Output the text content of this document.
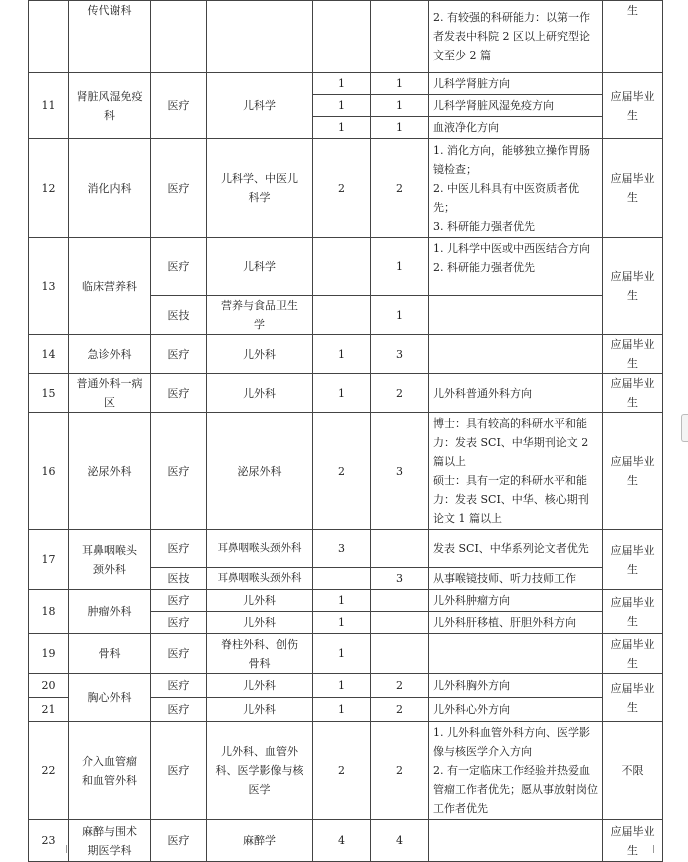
	传代谢科					2. 有较强的科研能力：以第一作者发表中科院 2 区以上研究型论文至少 2 篇	生
11	肾脏风湿免疫科	医疗	儿科学	1	1	儿科学肾脏方向	应届毕业生
				1	1	儿科学肾脏风湿免疫方向	
				1	1	血液净化方向	
12	消化内科	医疗	儿科学、中医儿科学	2	2	1. 消化方向，能够独立操作胃肠镜检查；
2. 中医儿科具有中医资质者优先；
3. 科研能力强者优先	应届毕业生
13	临床营养科	医疗	儿科学		1	1. 儿科学中医或中西医结合方向
2. 科研能力强者优先	应届毕业生
		医技	营养与食品卫生学		1		
14	急诊外科	医疗	儿外科	1	3		应届毕业生
15	普通外科一病区	医疗	儿外科	1	2	儿外科普通外科方向	应届毕业生
16	泌尿外科	医疗	泌尿外科	2	3	博士：具有较高的科研水平和能力：发表 SCI、中华期刊论文 2 篇以上
硕士：具有一定的科研水平和能力：发表 SCI、中华、核心期刊论文 1 篇以上	应届毕业生
17	耳鼻咽喉头颈外科	医疗	耳鼻咽喉头颈外科	3		发表 SCI、中华系列论文者优先	应届毕业生
		医技	耳鼻咽喉头颈外科		3	从事喉镜技师、听力技师工作	
18	肿瘤外科	医疗	儿外科	1		儿外科肿瘤方向	应届毕业生
		医疗	儿外科	1		儿外科肝移植、肝胆外科方向	
19	骨科	医疗	脊柱外科、创伤骨科	1			应届毕业生
20	胸心外科	医疗	儿外科	1	2	儿外科胸外方向	应届毕业生
21		医疗	儿外科	1	2	儿外科心外方向	
22	介入血管瘤和血管外科	医疗	儿外科、血管外科、医学影像与核医学	2	2	1. 儿外科血管外科方向、医学影像与核医学介入方向
2. 有一定临床工作经验并热爱血管瘤工作者优先；愿从事放射岗位工作者优先	不限
23	麻醉与围术期医学科	医疗	麻醉学	4	4		应届毕业生
